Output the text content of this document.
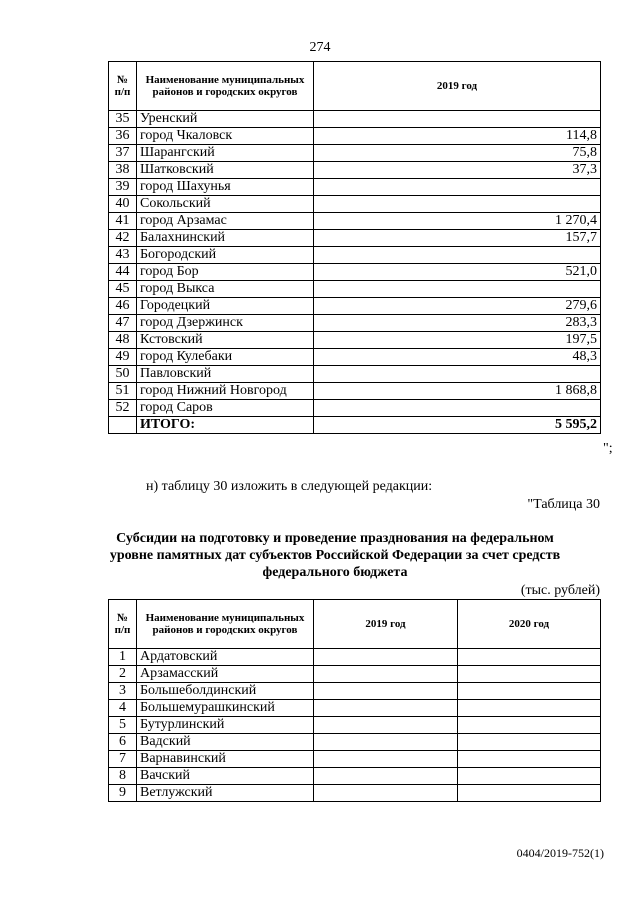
274
№ п/п	Наименование муниципальных районов и городских округов	2019 год
35	Уренский	
36	город Чкаловск	114,8
37	Шарангский	75,8
38	Шатковский	37,3
39	город Шахунья	
40	Сокольский	
41	город Арзамас	1 270,4
42	Балахнинский	157,7
43	Богородский	
44	город Бор	521,0
45	город Выкса	
46	Городецкий	279,6
47	город Дзержинск	283,3
48	Кстовский	197,5
49	город Кулебаки	48,3
50	Павловский	
51	город Нижний Новгород	1 868,8
52	город Саров	
	ИТОГО:	5 595,2
";
н) таблицу 30 изложить в следующей редакции:
"Таблица 30
Субсидии на подготовку и проведение празднования на федеральном уровне памятных дат субъектов Российской Федерации за счет средств федерального бюджета
(тыс. рублей)
№ п/п	Наименование муниципальных районов и городских округов	2019 год	2020 год
1	Ардатовский		
2	Арзамасский		
3	Большеболдинский		
4	Большемурашкинский		
5	Бутурлинский		
6	Вадский		
7	Варнавинский		
8	Вачский		
9	Ветлужский		
0404/2019-752(1)
